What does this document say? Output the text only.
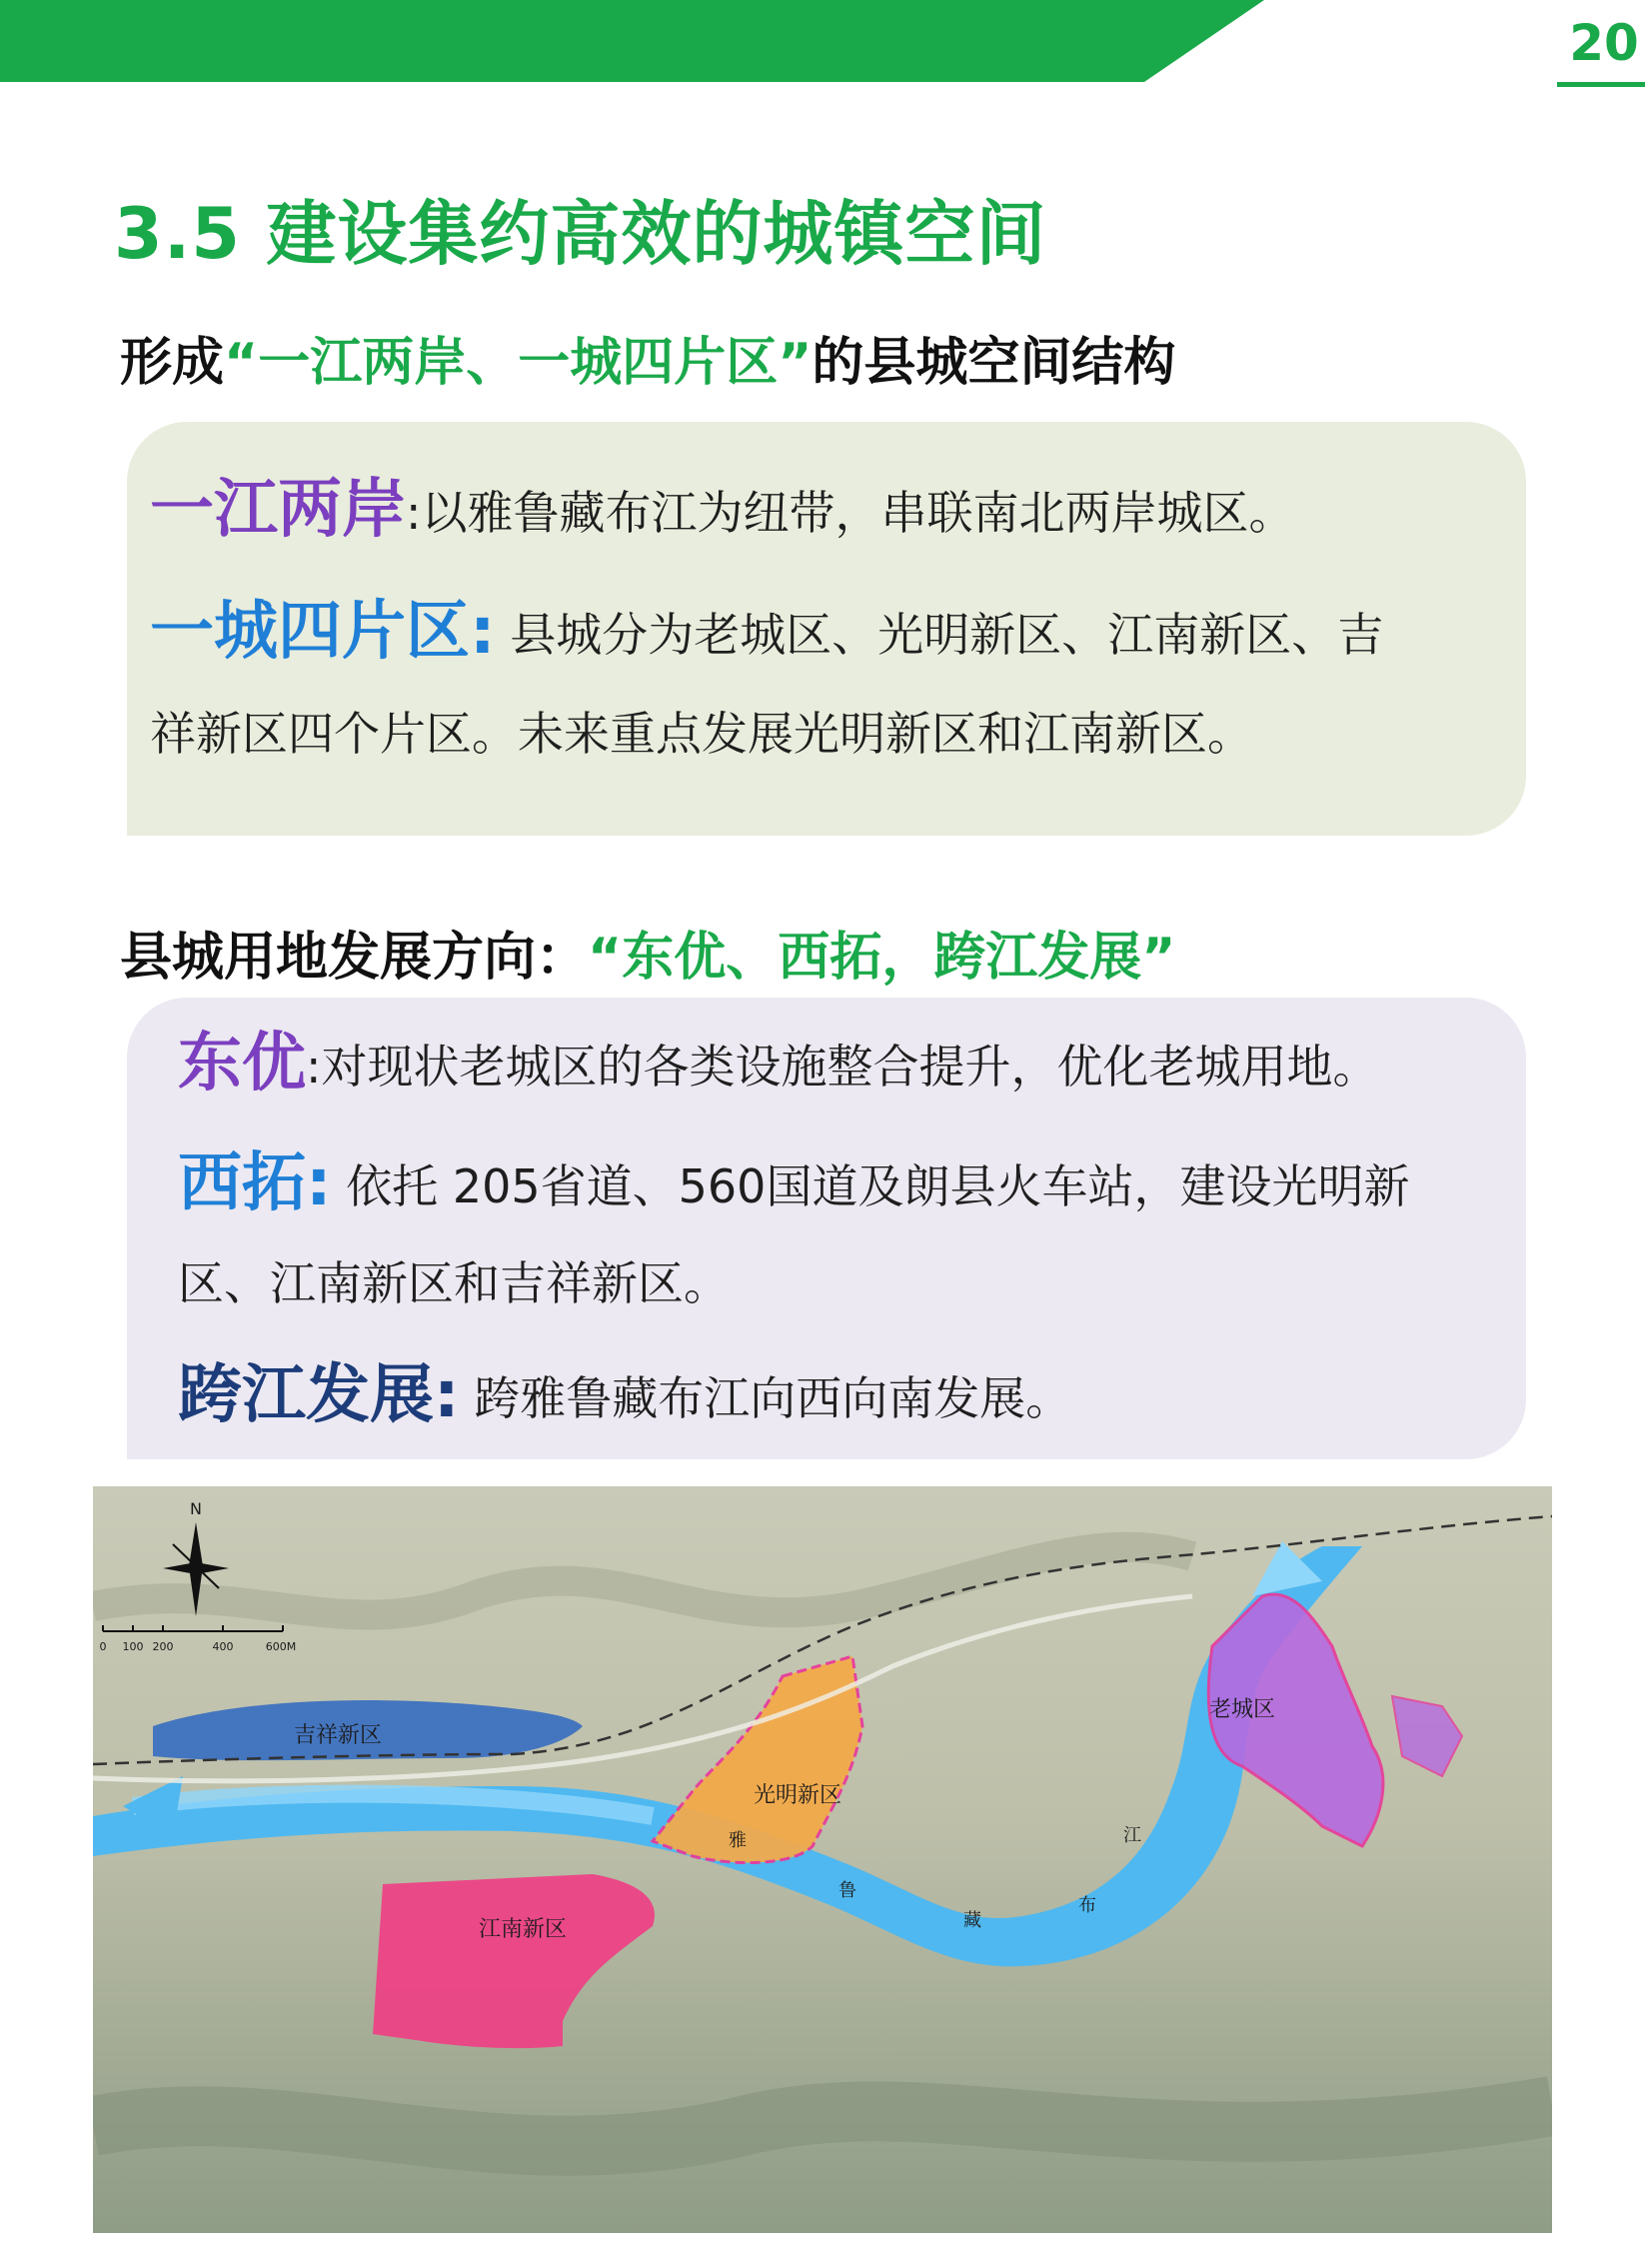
20
3.5 建设集约高效的城镇空间
形成“一江两岸、一城四片区”的县城空间结构

一江两岸:以雅鲁藏布江为纽带，串联南北两岸城区。

一城四片区: 县城分为老城区、光明新区、江南新区、吉

祥新区四个片区。未来重点发展光明新区和江南新区。

县城用地发展方向：“东优、西拓，跨江发展”

东优:对现状老城区的各类设施整合提升，优化老城用地。

西拓: 依托 205省道、560国道及朗县火车站，建设光明新

区、江南新区和吉祥新区。

跨江发展: 跨雅鲁藏布江向西向南发展。

吉祥新区
光明新区
江南新区
老城区
雅
鲁
藏
布
江
N
0 100 200	400	600M
